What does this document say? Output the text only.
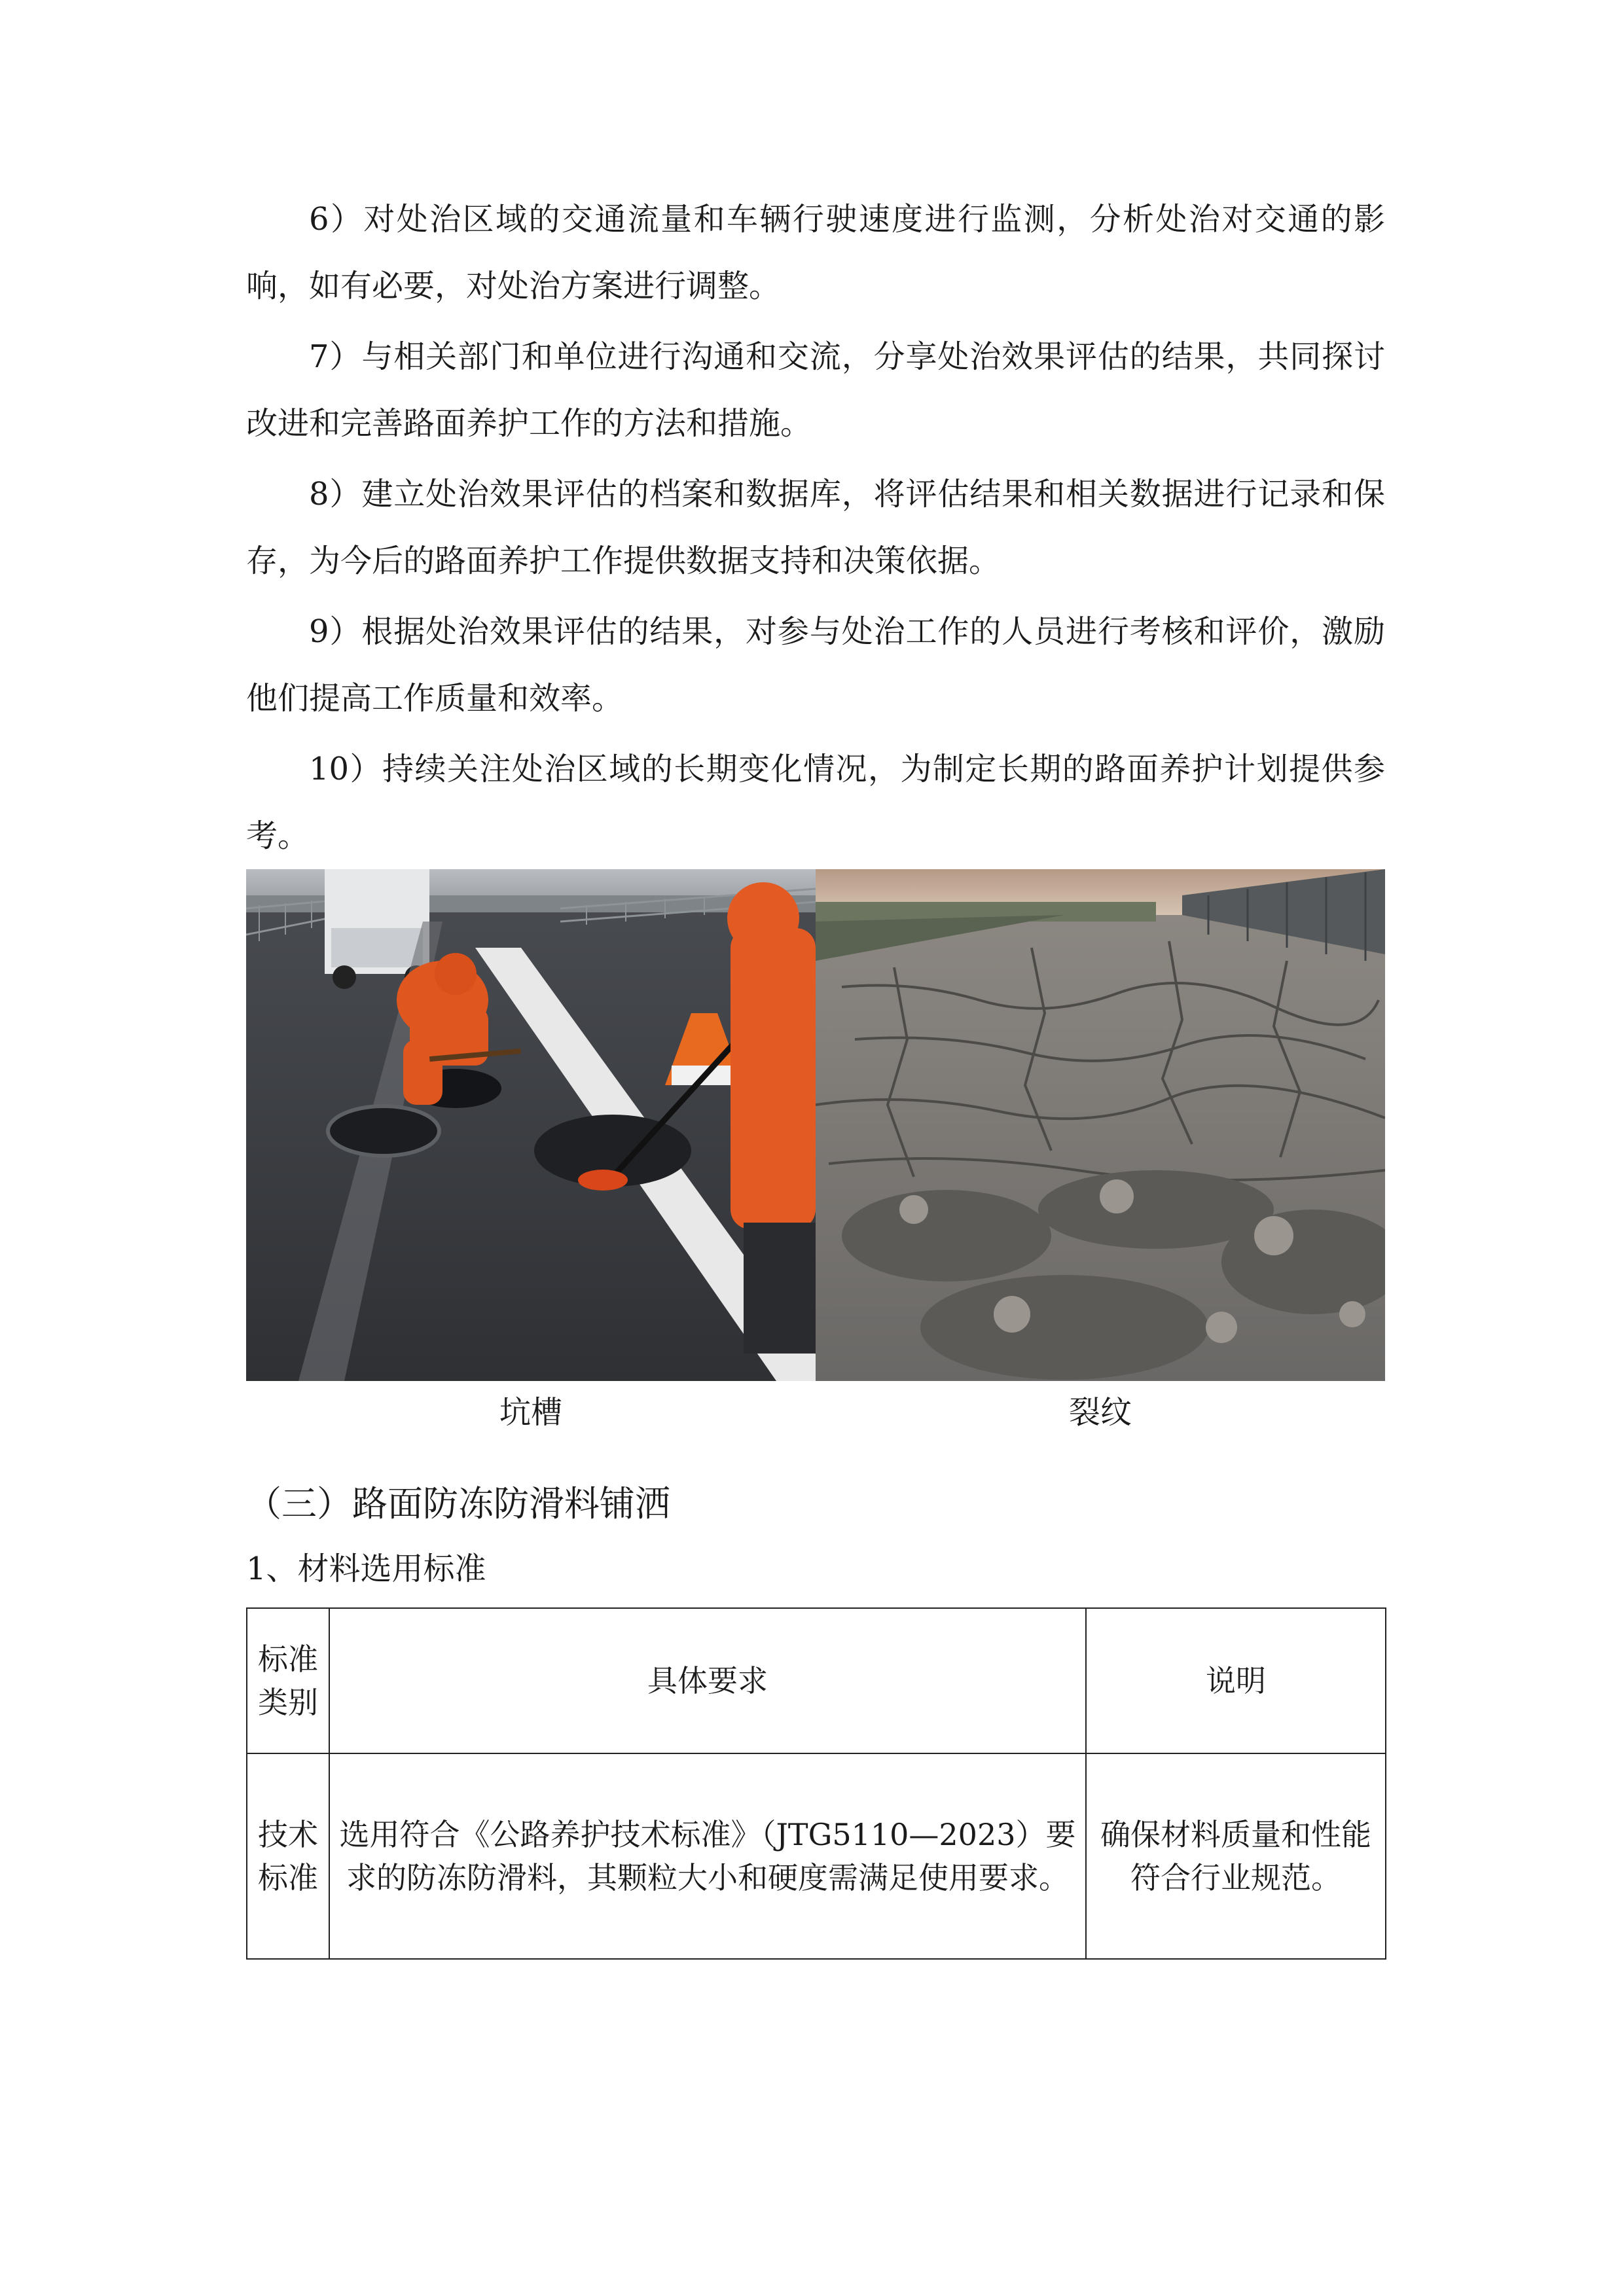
6）对处治区域的交通流量和车辆行驶速度进行监测，分析处治对交通的影响，如有必要，对处治方案进行调整。

7）与相关部门和单位进行沟通和交流，分享处治效果评估的结果，共同探讨改进和完善路面养护工作的方法和措施。

8）建立处治效果评估的档案和数据库，将评估结果和相关数据进行记录和保存，为今后的路面养护工作提供数据支持和决策依据。

9）根据处治效果评估的结果，对参与处治工作的人员进行考核和评价，激励他们提高工作质量和效率。

10）持续关注处治区域的长期变化情况，为制定长期的路面养护计划提供参考。

坑槽	裂纹
（三）路面防冻防滑料铺洒
1、材料选用标准
标准类别	具体要求	说明
技术标准	选用符合《公路养护技术标准》（JTG5110—2023）要求的防冻防滑料，其颗粒大小和硬度需满足使用要求。	确保材料质量和性能符合行业规范。
